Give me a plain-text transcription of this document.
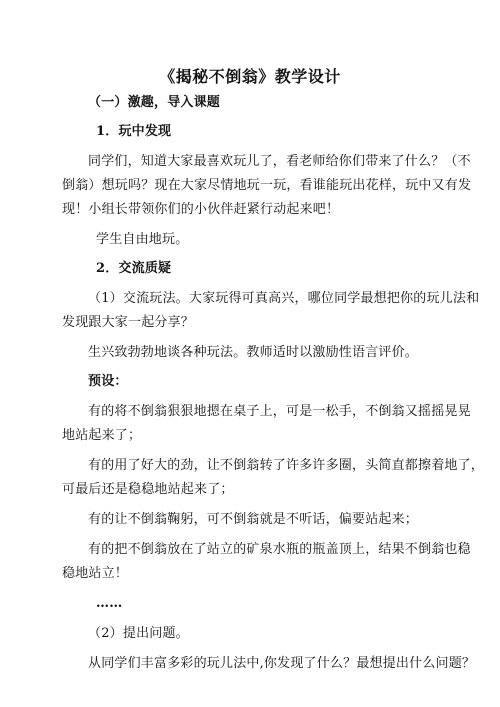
《揭秘不倒翁》教学设计
（一）激趣，导入课题
1．玩中发现
同学们，知道大家最喜欢玩儿了，看老师给你们带来了什么？（不
倒翁）想玩吗？现在大家尽情地玩一玩，看谁能玩出花样，玩中又有发
现！小组长带领你们的小伙伴赶紧行动起来吧！
学生自由地玩。
2．交流质疑
（1）交流玩法。大家玩得可真高兴，哪位同学最想把你的玩儿法和
发现跟大家一起分享？
生兴致勃勃地谈各种玩法。教师适时以激励性语言评价。
预设：
有的将不倒翁狠狠地摁在桌子上，可是一松手，不倒翁又摇摇晃晃
地站起来了；
有的用了好大的劲，让不倒翁转了许多许多圈，头简直都擦着地了，
可最后还是稳稳地站起来了；
有的让不倒翁鞠躬，可不倒翁就是不听话，偏要站起来；
有的把不倒翁放在了站立的矿泉水瓶的瓶盖顶上，结果不倒翁也稳
稳地站立！
……
（2）提出问题。
从同学们丰富多彩的玩儿法中,你发现了什么？最想提出什么问题？
